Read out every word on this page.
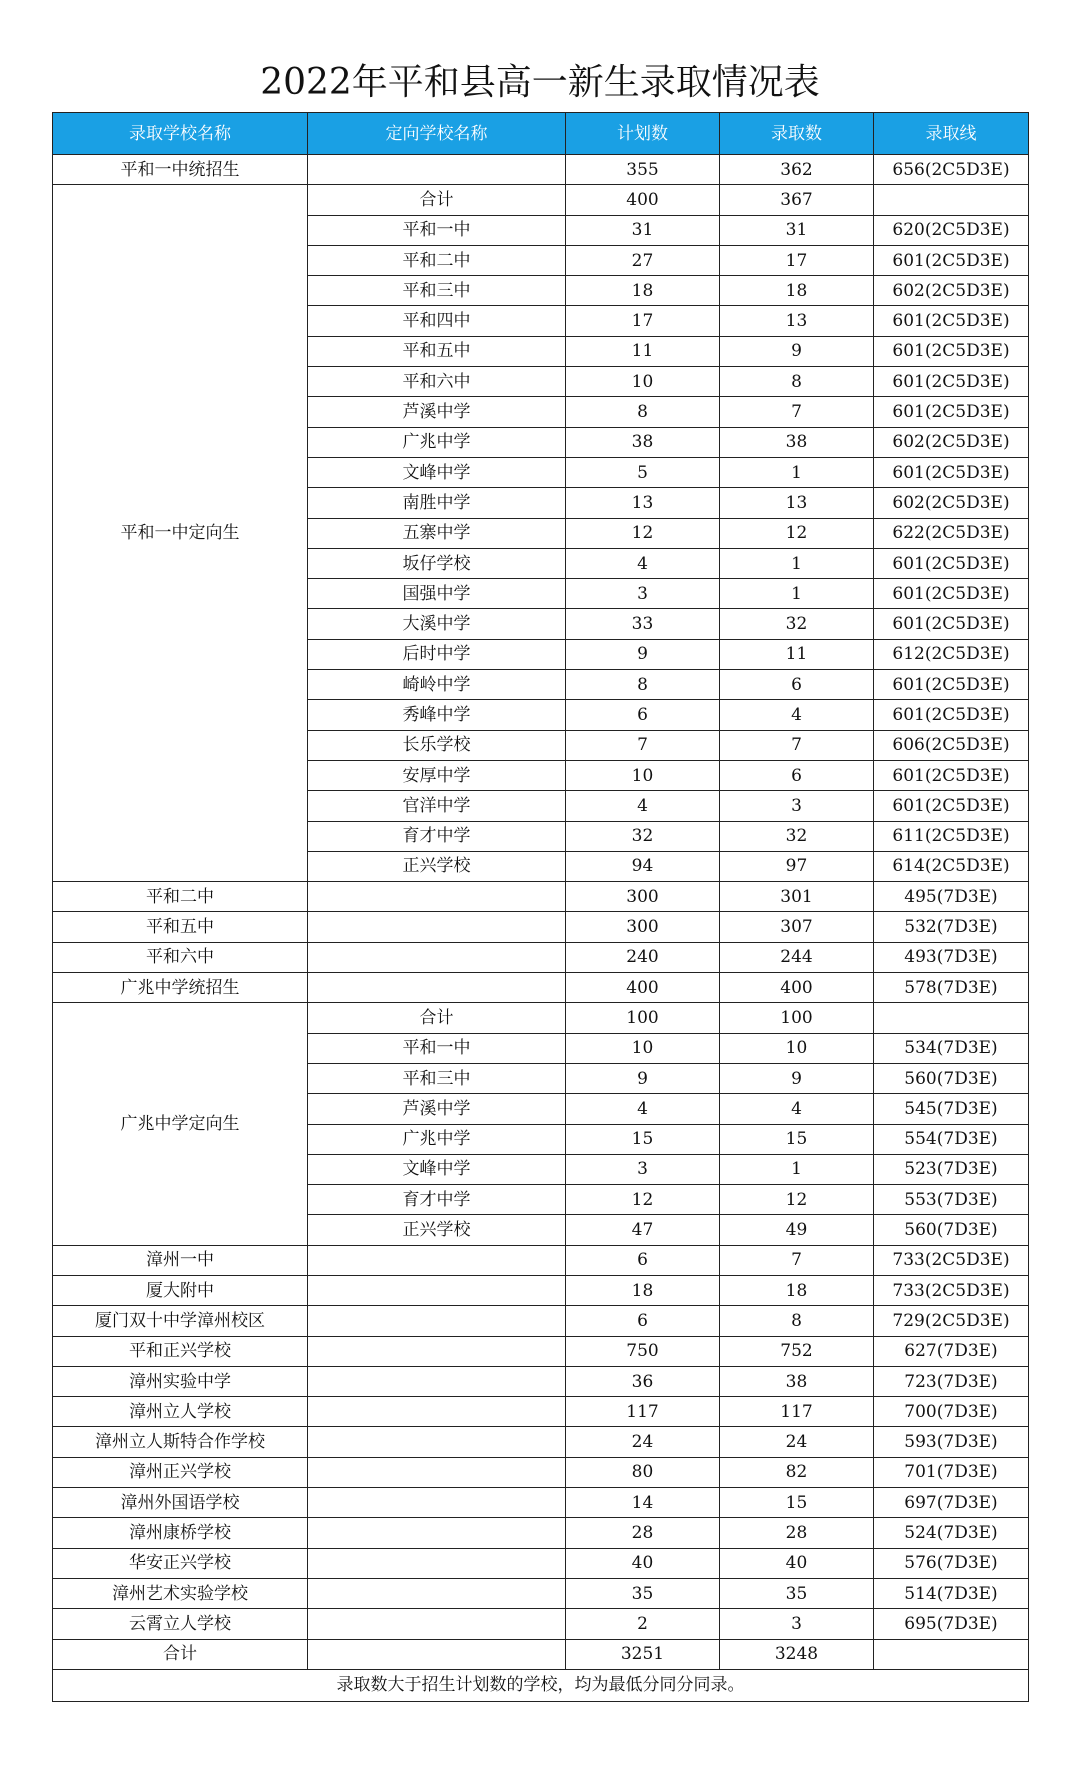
2022年平和县高一新生录取情况表
录取学校名称	定向学校名称	计划数	录取数	录取线
平和一中统招生		355	362	656(2C5D3E)
平和一中定向生	合计	400	367	
	平和一中	31	31	620(2C5D3E)
	平和二中	27	17	601(2C5D3E)
	平和三中	18	18	602(2C5D3E)
	平和四中	17	13	601(2C5D3E)
	平和五中	11	9	601(2C5D3E)
	平和六中	10	8	601(2C5D3E)
	芦溪中学	8	7	601(2C5D3E)
	广兆中学	38	38	602(2C5D3E)
	文峰中学	5	1	601(2C5D3E)
	南胜中学	13	13	602(2C5D3E)
	五寨中学	12	12	622(2C5D3E)
	坂仔学校	4	1	601(2C5D3E)
	国强中学	3	1	601(2C5D3E)
	大溪中学	33	32	601(2C5D3E)
	后时中学	9	11	612(2C5D3E)
	崎岭中学	8	6	601(2C5D3E)
	秀峰中学	6	4	601(2C5D3E)
	长乐学校	7	7	606(2C5D3E)
	安厚中学	10	6	601(2C5D3E)
	官洋中学	4	3	601(2C5D3E)
	育才中学	32	32	611(2C5D3E)
	正兴学校	94	97	614(2C5D3E)
平和二中		300	301	495(7D3E)
平和五中		300	307	532(7D3E)
平和六中		240	244	493(7D3E)
广兆中学统招生		400	400	578(7D3E)
广兆中学定向生	合计	100	100	
	平和一中	10	10	534(7D3E)
	平和三中	9	9	560(7D3E)
	芦溪中学	4	4	545(7D3E)
	广兆中学	15	15	554(7D3E)
	文峰中学	3	1	523(7D3E)
	育才中学	12	12	553(7D3E)
	正兴学校	47	49	560(7D3E)
漳州一中		6	7	733(2C5D3E)
厦大附中		18	18	733(2C5D3E)
厦门双十中学漳州校区		6	8	729(2C5D3E)
平和正兴学校		750	752	627(7D3E)
漳州实验中学		36	38	723(7D3E)
漳州立人学校		117	117	700(7D3E)
漳州立人斯特合作学校		24	24	593(7D3E)
漳州正兴学校		80	82	701(7D3E)
漳州外国语学校		14	15	697(7D3E)
漳州康桥学校		28	28	524(7D3E)
华安正兴学校		40	40	576(7D3E)
漳州艺术实验学校		35	35	514(7D3E)
云霄立人学校		2	3	695(7D3E)
合计		3251	3248	
录取数大于招生计划数的学校，均为最低分同分同录。				
